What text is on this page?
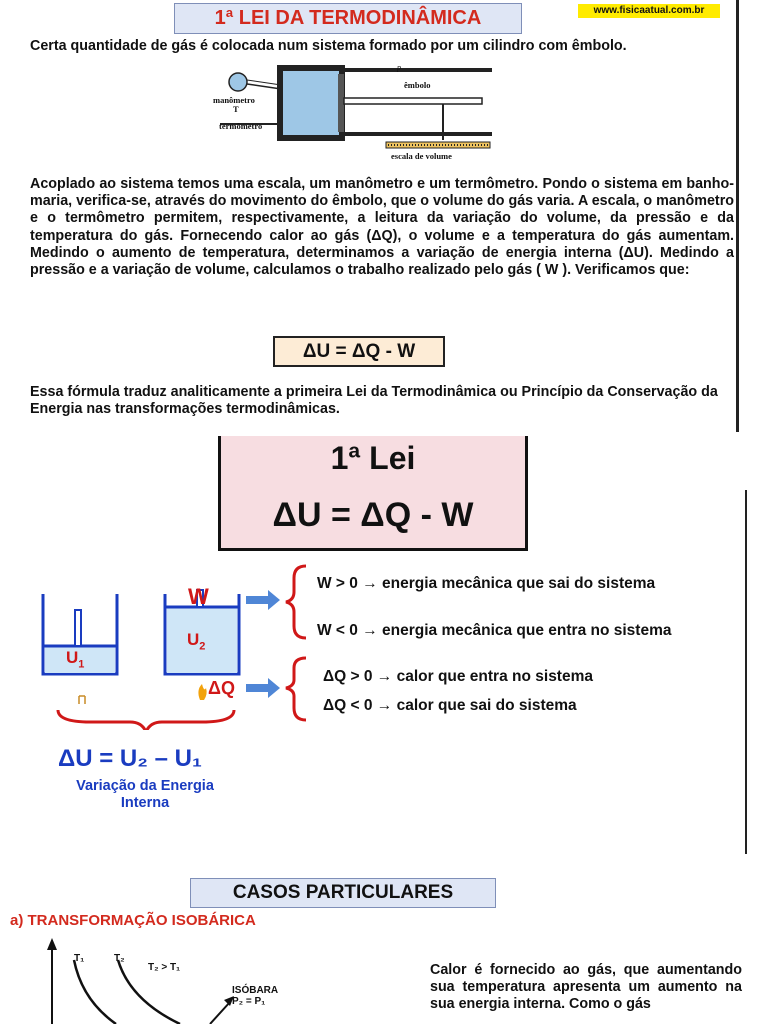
1ª LEI DA TERMODINÂMICA	www.fisicaatual.com.br
Certa quantidade de gás é colocada num sistema formado por um cilindro com êmbolo.
p
êmbolo
manômetro
T
termômetro
escala de volume
Acoplado ao sistema temos uma escala, um manômetro e um termômetro. Pondo o sistema em banho-maria, verifica-se, através do movimento do êmbolo, que o volume do gás varia. A escala, o manômetro e o termômetro permitem, respectivamente, a leitura da variação do volume, da pressão e da temperatura do gás. Fornecendo calor ao gás (ΔQ), o volume e a temperatura do gás aumentam. Medindo o aumento de temperatura, determinamos a variação de energia interna (ΔU). Medindo a pressão e a variação de volume, calculamos o trabalho realizado pelo gás ( W ). Verificamos que:
ΔU = ΔQ - W
Essa fórmula traduz analiticamente a primeira Lei da Termodinâmica ou Princípio da Conservação da Energia nas transformações termodinâmicas.
1ª Lei
ΔU = ΔQ - W
$U_1$
$U_2$
W
ΔQ
W > 0 → energia mecânica que sai do sistema
W < 0 → energia mecânica que entra no sistema
ΔQ > 0 → calor que entra no sistema
ΔQ < 0 → calor que sai do sistema
ΔU = U₂ – U₁
Variação da Energia Interna
CASOS PARTICULARES
a) TRANSFORMAÇÃO ISOBÁRICA
T₁	T₂
T₂ > T₁
ISÓBARA
P₂ = P₁
Calor é fornecido ao gás, que aumentando sua temperatura apresenta um aumento na sua energia interna. Como o gás
